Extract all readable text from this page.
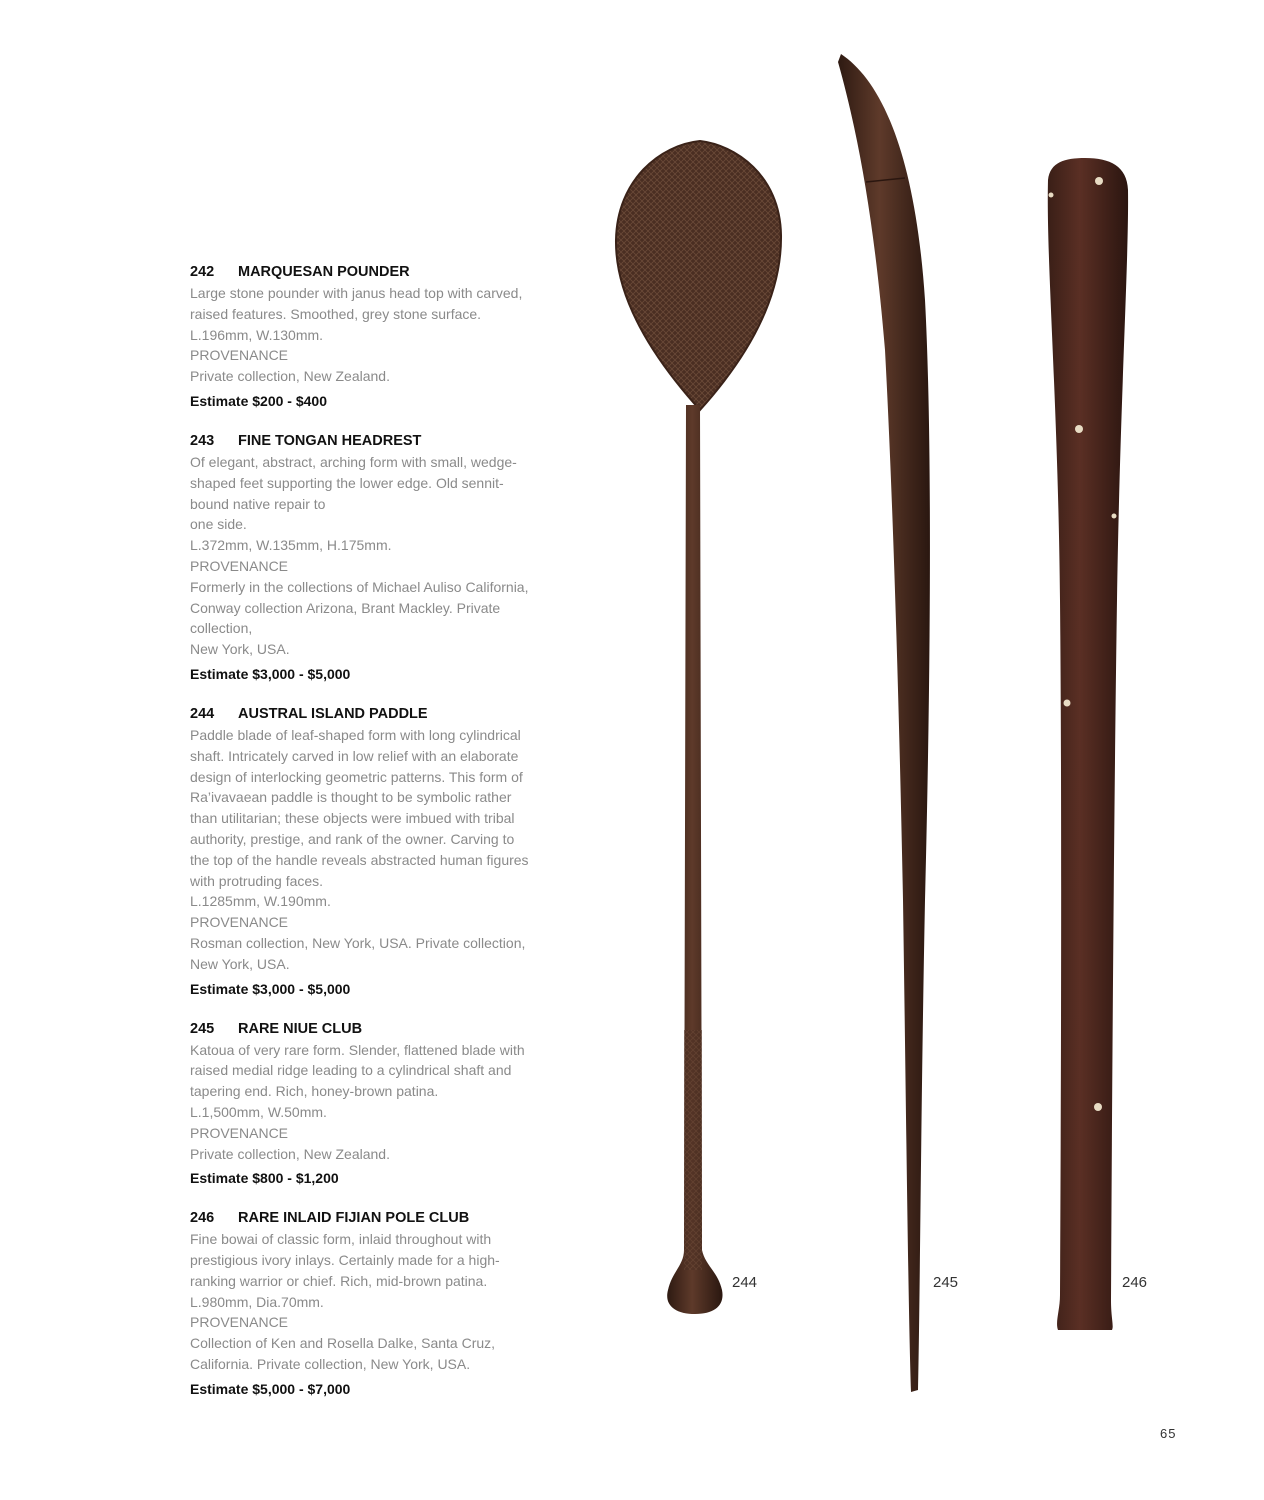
242 MARQUESAN POUNDER
Large stone pounder with janus head top with carved, raised features. Smoothed, grey stone surface.
L.196mm, W.130mm.
PROVENANCE
Private collection, New Zealand.
Estimate $200 - $400
243 FINE TONGAN HEADREST
Of elegant, abstract, arching form with small, wedge-shaped feet supporting the lower edge. Old sennit-bound native repair to
one side.
L.372mm, W.135mm, H.175mm.
PROVENANCE
Formerly in the collections of Michael Auliso California, Conway collection Arizona, Brant Mackley. Private collection,
New York, USA.
Estimate $3,000 - $5,000
244 AUSTRAL ISLAND PADDLE
Paddle blade of leaf-shaped form with long cylindrical shaft. Intricately carved in low relief with an elaborate design of interlocking geometric patterns. This form of Ra’ivavaean paddle is thought to be symbolic rather than utilitarian; these objects were imbued with tribal authority, prestige, and rank of the owner. Carving to the top of the handle reveals abstracted human figures with protruding faces.
L.1285mm, W.190mm.
PROVENANCE
Rosman collection, New York, USA. Private collection, New York, USA.
Estimate $3,000 - $5,000
245 RARE NIUE CLUB
Katoua of very rare form. Slender, flattened blade with raised medial ridge leading to a cylindrical shaft and tapering end. Rich, honey-brown patina.
L.1,500mm, W.50mm.
PROVENANCE
Private collection, New Zealand.
Estimate $800 - $1,200
246 RARE INLAID FIJIAN POLE CLUB
Fine bowai of classic form, inlaid throughout with prestigious ivory inlays. Certainly made for a high-ranking warrior or chief. Rich, mid-brown patina.
L.980mm, Dia.70mm.
PROVENANCE
Collection of Ken and Rosella Dalke, Santa Cruz, California. Private collection, New York, USA.
Estimate $5,000 - $7,000
244	245	246
65
